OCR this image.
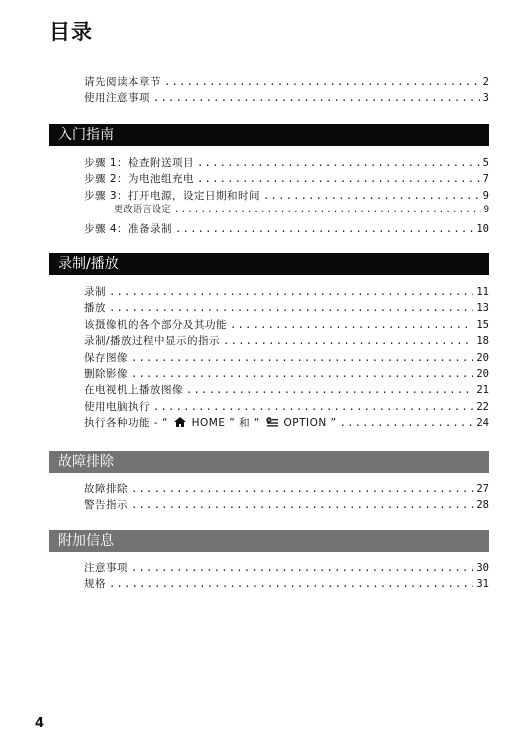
目录
请先阅读本章节 .....	2
使用注意事项 .....	3
入门指南
步骤 1：检查附送项目 .....	5
步骤 2：为电池组充电 .....	7
步骤 3：打开电源，设定日期和时间 .....	9
更改语言设定 .....	9
步骤 4：准备录制 .....	10
录制/播放
录制 .....	11
播放 .....	13
该摄像机的各个部分及其功能 .....	15
录制/播放过程中显示的指示 .....	18
保存图像 .....	20
删除影像 .....	20
在电视机上播放图像 .....	21
使用电脑执行 .....	22
执行各种功能 - “ HOME ” 和 “ OPTION ” .....	24
故障排除
故障排除 .....	27
警告指示 .....	28
附加信息
注意事项 .....	30
规格 .....	31
4
